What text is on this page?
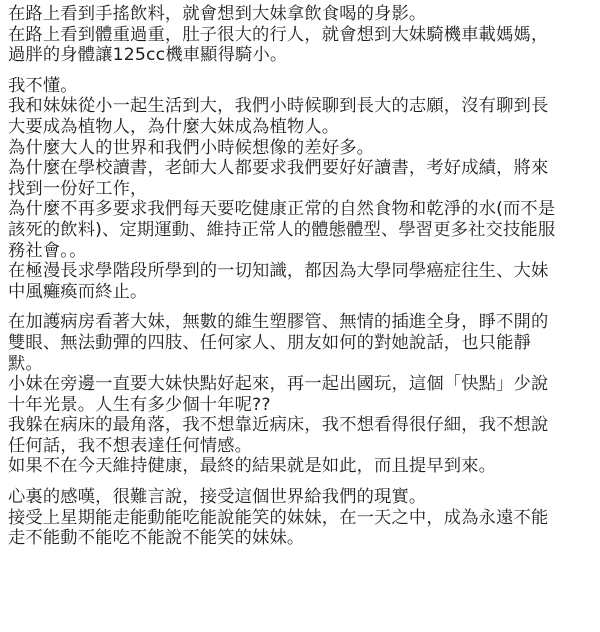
在路上看到手搖飲料，就會想到大妹拿飲食喝的身影。
在路上看到體重過重，肚子很大的行人，就會想到大妹騎機車載媽媽，
過胖的身體讓125cc機車顯得騎小。
我不懂。
我和妹妹從小一起生活到大，我們小時候聊到長大的志願，沒有聊到長
大要成為植物人，為什麼大妹成為植物人。
為什麼大人的世界和我們小時候想像的差好多。
為什麼在學校讀書，老師大人都要求我們要好好讀書，考好成績，將來
找到一份好工作，
為什麼不再多要求我們每天要吃健康正常的自然食物和乾淨的水(而不是
該死的飲料)、定期運動、維持正常人的體態體型、學習更多社交技能服
務社會。。
在極漫長求學階段所學到的一切知識，都因為大學同學癌症往生、大妹
中風癱瘓而終止。
在加護病房看著大妹，無數的維生塑膠管、無情的插進全身，睜不開的
雙眼、無法動彈的四肢、任何家人、朋友如何的對她說話，也只能靜
默。
小妹在旁邊一直要大妹快點好起來，再一起出國玩，這個「快點」少說
十年光景。人生有多少個十年呢??
我躲在病床的最角落，我不想靠近病床，我不想看得很仔細，我不想說
任何話，我不想表達任何情感。
如果不在今天維持健康，最終的結果就是如此，而且提早到來。
心裏的感嘆，很難言說，接受這個世界給我們的現實。
接受上星期能走能動能吃能說能笑的妹妹，在一天之中，成為永遠不能
走不能動不能吃不能說不能笑的妹妹。
